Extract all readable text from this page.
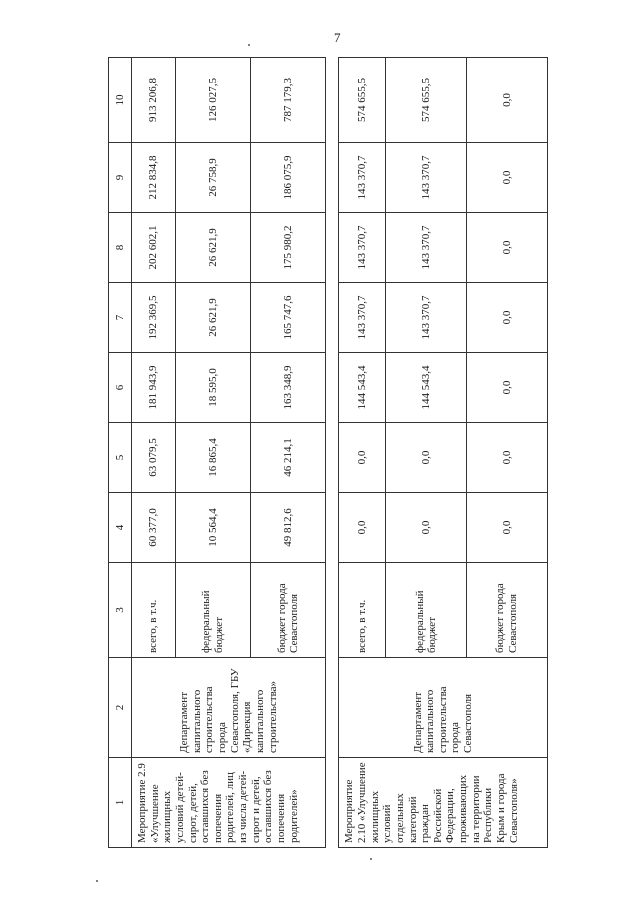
7
1	2	3	4	5	6	7	8	9	10
Мероприятие 2.9 «Улучшение жилищных условий детей-сирот, детей, оставшихся без попечения родителей, лиц из числа детей-сирот и детей, оставшихся без попечения родителей»	Департамент капитального строительства города Севастополя, ГБУ «Дирекция капитального строительства»	всего, в т.ч.	60 377,0	63 079,5	181 943,9	192 369,5	202 602,1	212 834,8	913 206,8
		федеральный бюджет	10 564,4	16 865,4	18 595,0	26 621,9	26 621,9	26 758,9	126 027,5
		бюджет города Севастополя	49 812,6	46 214,1	163 348,9	165 747,6	175 980,2	186 075,9	787 179,3

Мероприятие 2.10 «Улучшение жилищных условий отдельных категорий граждан Российской Федерации, проживающих на территории Республики Крым и города Севастополя»	Департамент капитального строительства города Севастополя	всего, в т.ч.	0,0	0,0	144 543,4	143 370,7	143 370,7	143 370,7	574 655,5
		федеральный бюджет	0,0	0,0	144 543,4	143 370,7	143 370,7	143 370,7	574 655,5
		бюджет города Севастополя	0,0	0,0	0,0	0,0	0,0	0,0	0,0
